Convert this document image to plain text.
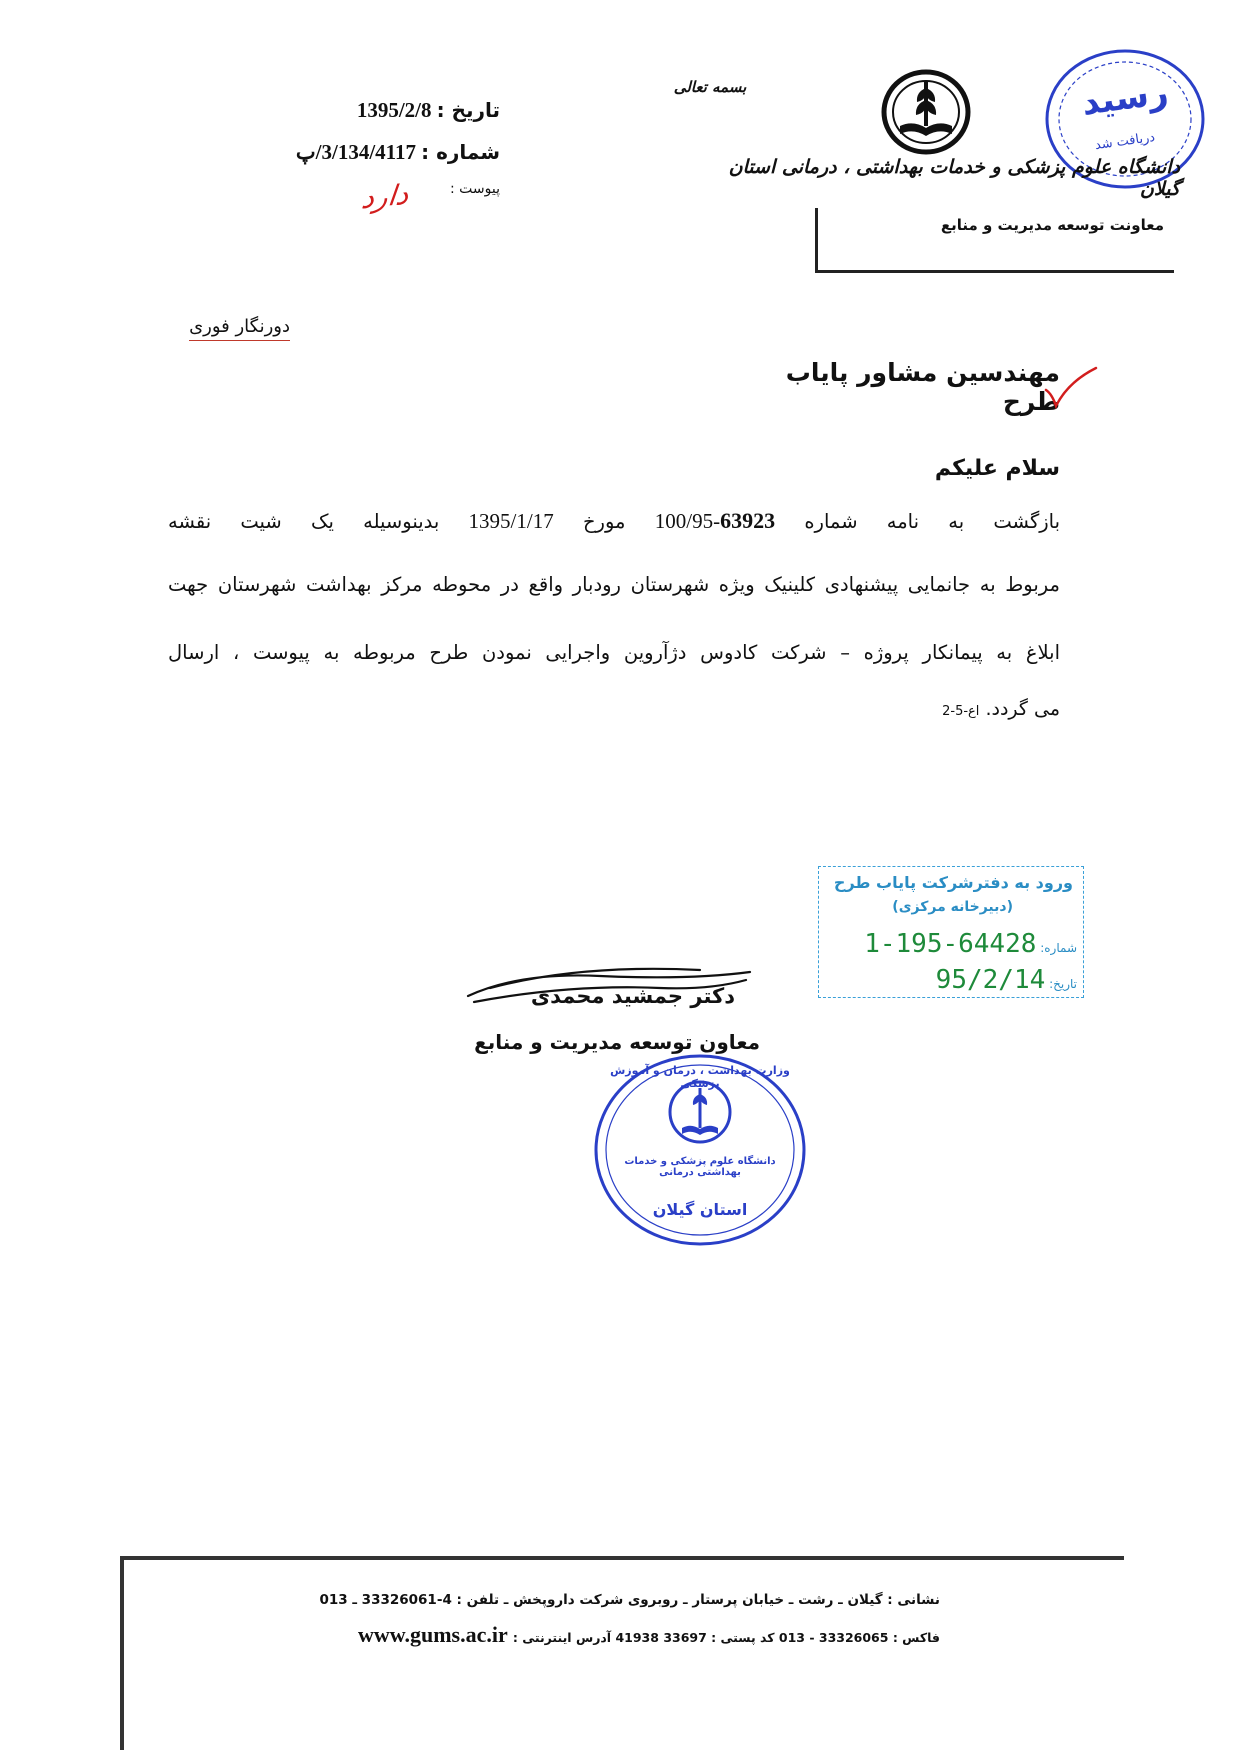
رسید
دریافت شد
تاریخ : 1395/2/8
شماره : 3/134/4117/پ
پیوست :
دارد
بسمه تعالی
دانشگاه علوم پزشکی و خدمات بهداشتی ، درمانی استان گیلان
معاونت توسعه مدیریت و منابع
دورنگار فوری
مهندسین مشاور پایاب طرح
سلام علیکم
بازگشت به نامه شماره 63923-100/95 مورخ 1395/1/17 بدینوسیله یک شیت نقشه
مربوط به جانمایی پیشنهادی کلینیک ویژه شهرستان رودبار واقع در محوطه مرکز بهداشت شهرستان جهت
ابلاغ به پیمانکار پروژه – شرکت کادوس دژآروین واجرایی نمودن طرح مربوطه به پیوست ، ارسال
می گردد. اع-5-2
ورود به دفترشرکت پایاب طرح
(دبیرخانه مرکزی)
شماره: 1-195-64428
تاریخ: 95/2/14
دکتر جمشید محمدی
معاون توسعه مدیریت و منابع
وزارت بهداشت ، درمان و آموزش پزشکی
دانشگاه علوم پزشکی و خدمات بهداشتی درمانی
استان گیلان
نشانی : گیلان ـ رشت ـ خیابان پرستار ـ روبروی شرکت داروپخش ـ تلفن : 4-33326061 ـ 013
فاکس : 33326065 - 013 کد پستی : 33697 41938 آدرس اینترنتی : www.gums.ac.ir
